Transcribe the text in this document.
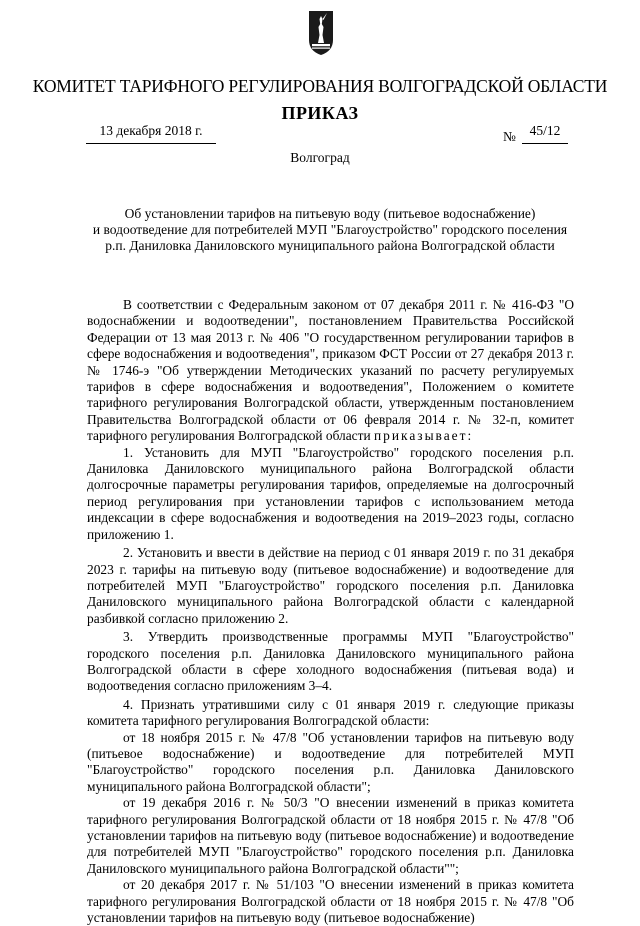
КОМИТЕТ ТАРИФНОГО РЕГУЛИРОВАНИЯ ВОЛГОГРАДСКОЙ ОБЛАСТИ
ПРИКАЗ
13 декабря 2018 г.	№	45/12
Волгоград
Об установлении тарифов на питьевую воду (питьевое водоснабжение)
и водоотведение для потребителей МУП "Благоустройство" городского поселения
р.п. Даниловка Даниловского муниципального района Волгоградской области

В соответствии с Федеральным законом от 07 декабря 2011 г. № 416-ФЗ "О водоснабжении и водоотведении", постановлением Правительства Российской Федерации от 13 мая 2013 г. № 406 "О государственном регулировании тарифов в сфере водоснабжения и водоотведения", приказом ФСТ России от 27 декабря 2013 г. № 1746-э "Об утверждении Методических указаний по расчету регулируемых тарифов в сфере водоснабжения и водоотведения", Положением о комитете тарифного регулирования Волгоградской области, утвержденным постановлением Правительства Волгоградской области от 06 февраля 2014 г. № 32-п, комитет тарифного регулирования Волгоградской области приказывает:

1. Установить для МУП "Благоустройство" городского поселения р.п. Даниловка Даниловского муниципального района Волгоградской области долгосрочные параметры регулирования тарифов, определяемые на долгосрочный период регулирования при установлении тарифов с использованием метода индексации в сфере водоснабжения и водоотведения на 2019–2023 годы, согласно приложению 1.

2. Установить и ввести в действие на период с 01 января 2019 г. по 31 декабря 2023 г. тарифы на питьевую воду (питьевое водоснабжение) и водоотведение для потребителей МУП "Благоустройство" городского поселения р.п. Даниловка Даниловского муниципального района Волгоградской области с календарной разбивкой согласно приложению 2.

3. Утвердить производственные программы МУП "Благоустройство" городского поселения р.п. Даниловка Даниловского муниципального района Волгоградской области в сфере холодного водоснабжения (питьевая вода) и водоотведения согласно приложениям 3–4.

4. Признать утратившими силу с 01 января 2019 г. следующие приказы комитета тарифного регулирования Волгоградской области:

от 18 ноября 2015 г. № 47/8 "Об установлении тарифов на питьевую воду (питьевое водоснабжение) и водоотведение для потребителей МУП "Благоустройство" городского поселения р.п. Даниловка Даниловского муниципального района Волгоградской области";

от 19 декабря 2016 г. № 50/3 "О внесении изменений в приказ комитета тарифного регулирования Волгоградской области от 18 ноября 2015 г. № 47/8 "Об установлении тарифов на питьевую воду (питьевое водоснабжение) и водоотведение для потребителей МУП "Благоустройство" городского поселения р.п. Даниловка Даниловского муниципального района Волгоградской области"";

от 20 декабря 2017 г. № 51/103 "О внесении изменений в приказ комитета тарифного регулирования Волгоградской области от 18 ноября 2015 г. № 47/8 "Об установлении тарифов на питьевую воду (питьевое водоснабжение)
